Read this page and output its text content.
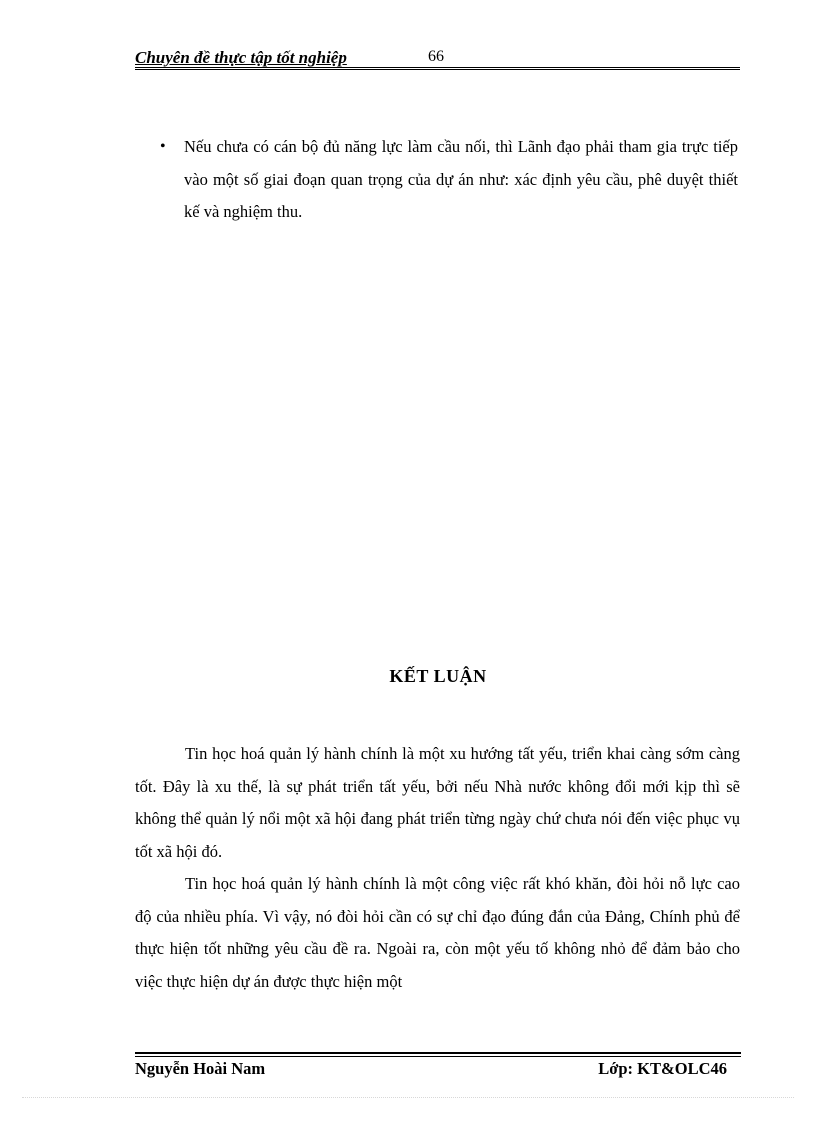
Chuyên đề thực tập tốt nghiệp	66
• Nếu chưa có cán bộ đủ năng lực làm cầu nối, thì Lãnh đạo phải tham gia trực tiếp vào một số giai đoạn quan trọng của dự án như: xác định yêu cầu, phê duyệt thiết kế và nghiệm thu.
KẾT LUẬN

Tin học hoá quản lý hành chính là một xu hướng tất yếu, triển khai càng sớm càng tốt. Đây là xu thế, là sự phát triển tất yếu, bởi nếu Nhà nước không đổi mới kịp thì sẽ không thể quản lý nổi một xã hội đang phát triển từng ngày chứ chưa nói đến việc phục vụ tốt xã hội đó.

Tin học hoá quản lý hành chính là một công việc rất khó khăn, đòi hỏi nỗ lực cao độ của nhiều phía. Vì vậy, nó đòi hỏi cần có sự chỉ đạo đúng đắn của Đảng, Chính phủ để thực hiện tốt những yêu cầu đề ra. Ngoài ra, còn một yếu tố không nhỏ để đảm bảo cho việc thực hiện dự án được thực hiện một

Nguyễn Hoài Nam	Lớp: KT&OLC46
